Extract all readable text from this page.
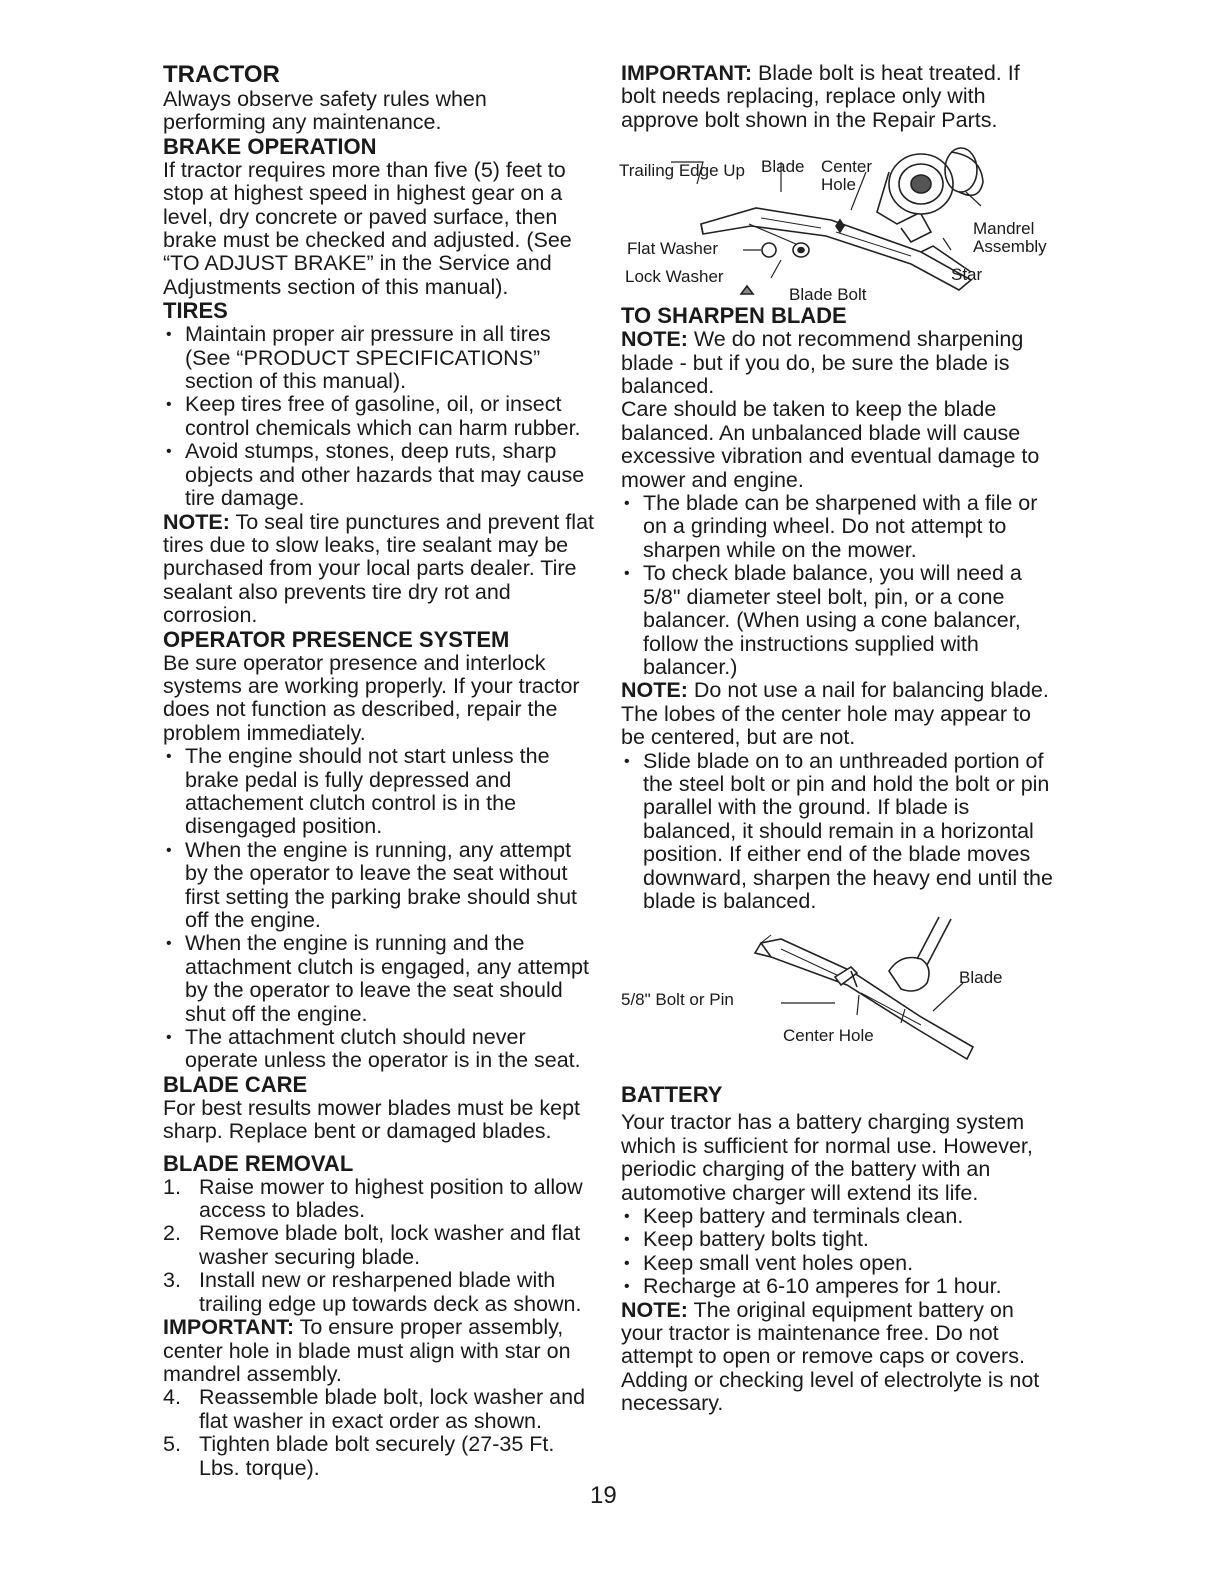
TRACTOR

Always observe safety rules when performing any maintenance.

BRAKE OPERATION

If tractor requires more than five (5) feet to stop at highest speed in highest gear on a level, dry concrete or paved surface, then brake must be checked and adjusted. (See “TO ADJUST BRAKE” in the Service and Adjustments section of this manual).

TIRES
• Maintain proper air pressure in all tires (See “PRODUCT SPECIFICATIONS” section of this manual).
• Keep tires free of gasoline, oil, or insect control chemicals which can harm rubber.
• Avoid stumps, stones, deep ruts, sharp objects and other hazards that may cause tire damage.

NOTE: To seal tire punctures and prevent flat tires due to slow leaks, tire sealant may be purchased from your local parts dealer. Tire sealant also prevents tire dry rot and corrosion.

OPERATOR PRESENCE SYSTEM

Be sure operator presence and interlock systems are working properly. If your tractor does not function as described, repair the problem immediately.

• The engine should not start unless the brake pedal is fully depressed and attachement clutch control is in the disengaged position.
• When the engine is running, any attempt by the operator to leave the seat without first setting the parking brake should shut off the engine.
• When the engine is running and the attachment clutch is engaged, any attempt by the operator to leave the seat should shut off the engine.
• The attachment clutch should never operate unless the operator is in the seat.
BLADE CARE

For best results mower blades must be kept sharp. Replace bent or damaged blades.

BLADE REMOVAL
1. Raise mower to highest position to allow access to blades.
2. Remove blade bolt, lock washer and flat washer securing blade.
3. Install new or resharpened blade with trailing edge up towards deck as shown.

IMPORTANT: To ensure proper assembly, center hole in blade must align with star on mandrel assembly.

4. Reassemble blade bolt, lock washer and flat washer in exact order as shown.
5. Tighten blade bolt securely (27-35 Ft. Lbs. torque).

IMPORTANT: Blade bolt is heat treated. If bolt needs replacing, replace only with approve bolt shown in the Repair Parts.

Trailing Edge Up Blade Center Hole
Mandrel Assembly
Flat Washer
Lock Washer	Star
Blade Bolt
TO SHARPEN BLADE

NOTE: We do not recommend sharpening blade - but if you do, be sure the blade is balanced.

Care should be taken to keep the blade balanced. An unbalanced blade will cause excessive vibration and eventual damage to mower and engine.

• The blade can be sharpened with a file or on a grinding wheel. Do not attempt to sharpen while on the mower.
• To check blade balance, you will need a 5/8" diameter steel bolt, pin, or a cone balancer. (When using a cone balancer, follow the instructions supplied with balancer.)

NOTE: Do not use a nail for balancing blade. The lobes of the center hole may appear to be centered, but are not.

• Slide blade on to an unthreaded portion of the steel bolt or pin and hold the bolt or pin parallel with the ground. If blade is balanced, it should remain in a horizontal position. If either end of the blade moves downward, sharpen the heavy end until the blade is balanced.
5/8" Bolt or Pin
Blade
Center Hole
BATTERY

Your tractor has a battery charging system which is sufficient for normal use. However, periodic charging of the battery with an automotive charger will extend its life.

• Keep battery and terminals clean.
• Keep battery bolts tight.
• Keep small vent holes open.
• Recharge at 6-10 amperes for 1 hour.

NOTE: The original equipment battery on your tractor is maintenance free. Do not attempt to open or remove caps or covers. Adding or checking level of electrolyte is not necessary.

19
